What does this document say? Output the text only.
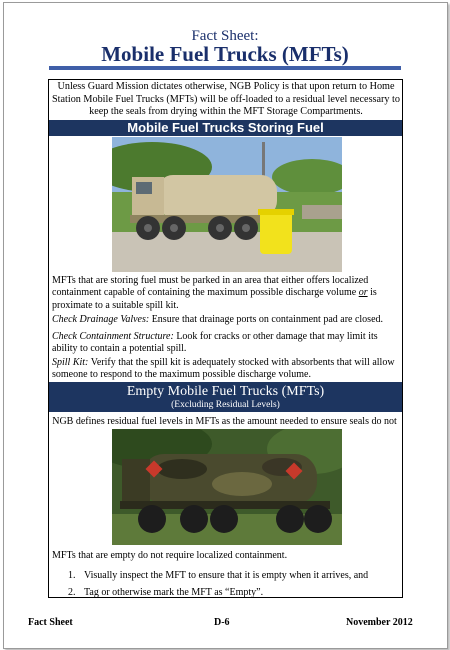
Fact Sheet:
Mobile Fuel Trucks (MFTs)
Unless Guard Mission dictates otherwise, NGB Policy is that upon return to Home Station Mobile Fuel Trucks (MFTs) will be off-loaded to a residual level necessary to keep the seals from drying within the MFT Storage Compartments.
Mobile Fuel Trucks Storing Fuel
MFTs that are storing fuel must be parked in an area that either offers localized containment capable of containing the maximum possible discharge volume or is proximate to a suitable spill kit.
Check Drainage Valves: Ensure that drainage ports on containment pad are closed.
Check Containment Structure: Look for cracks or other damage that may limit its ability to contain a potential spill.
Spill Kit: Verify that the spill kit is adequately stocked with absorbents that will allow someone to respond to the maximum possible discharge volume.
Empty Mobile Fuel Trucks (MFTs)
(Excluding Residual Levels)
NGB defines residual fuel levels in MFTs as the amount needed to ensure seals do not
MFTs that are empty do not require localized containment.
1. Visually inspect the MFT to ensure that it is empty when it arrives, and
2. Tag or otherwise mark the MFT as “Empty”.
Fact Sheet	D-6	November 2012
